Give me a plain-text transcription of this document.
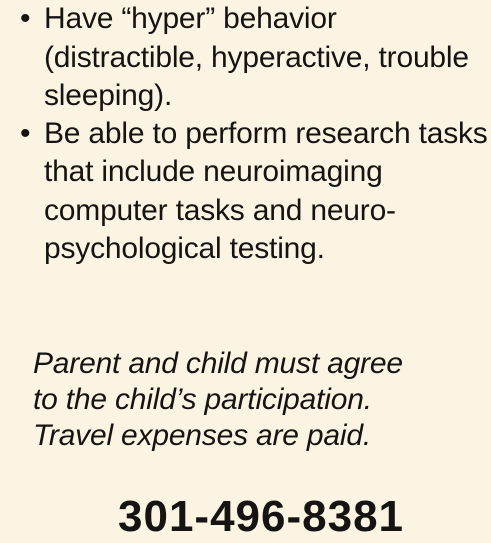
• Have “hyper” behavior (distractible, hyperactive, trouble sleeping).
• Be able to perform research tasks that include neuroimaging computer tasks and neuro-psychological testing.
Parent and child must agree
to the child’s participation.
Travel expenses are paid.
301-496-8381
